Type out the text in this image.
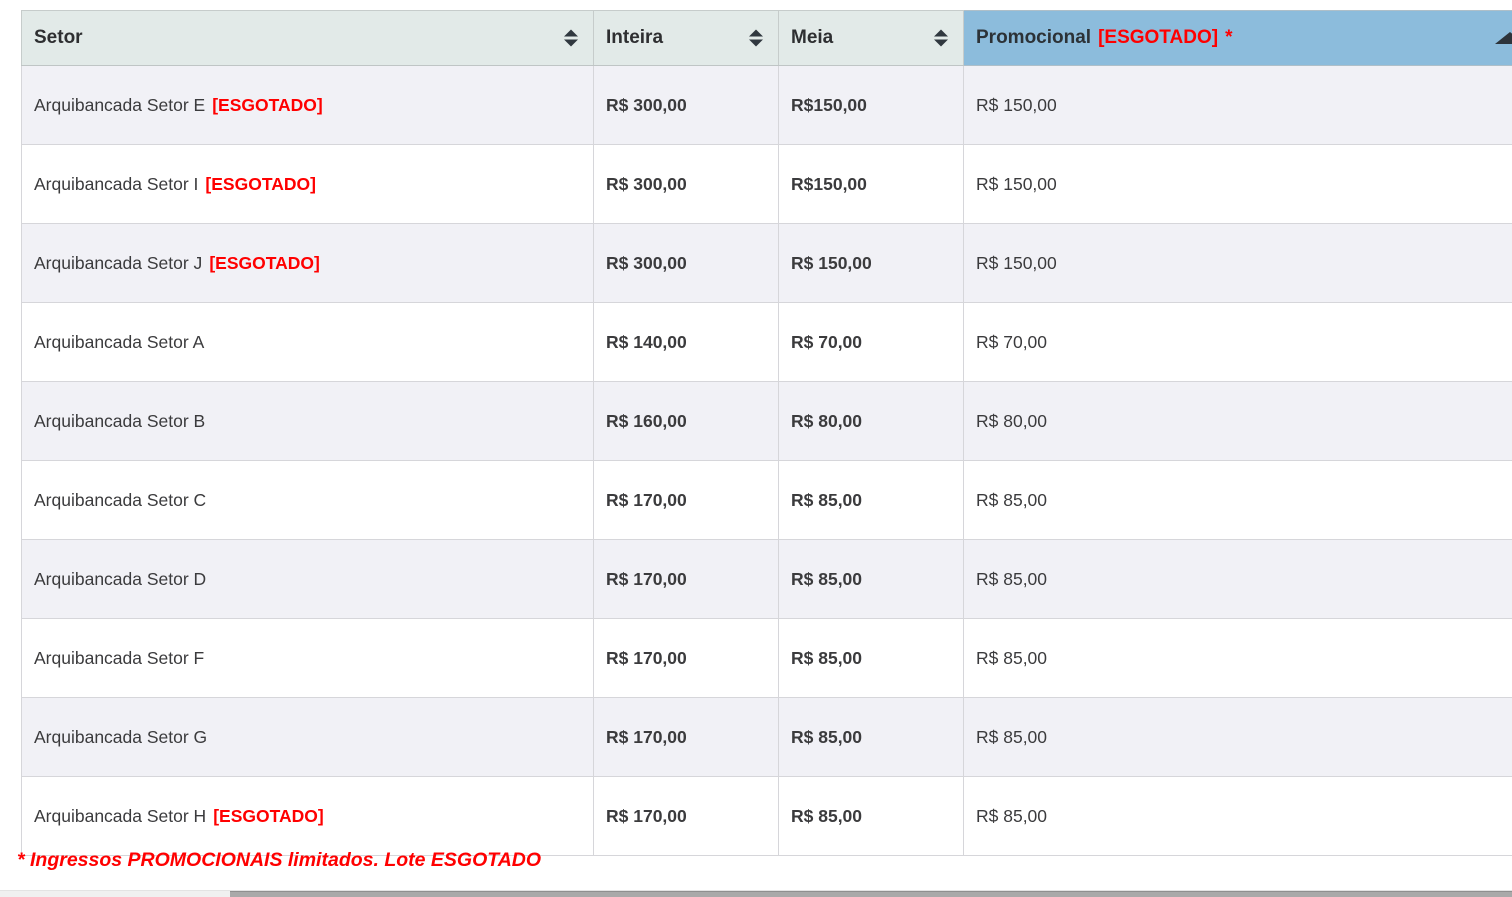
Setor	Inteira	Meia	Promocional [ESGOTADO] *

Arquibancada Setor E [ESGOTADO]	R$ 300,00	R$150,00	R$ 150,00
Arquibancada Setor I [ESGOTADO]	R$ 300,00	R$150,00	R$ 150,00
Arquibancada Setor J [ESGOTADO]	R$ 300,00	R$ 150,00	R$ 150,00
Arquibancada Setor A	R$ 140,00	R$ 70,00	R$ 70,00
Arquibancada Setor B	R$ 160,00	R$ 80,00	R$ 80,00
Arquibancada Setor C	R$ 170,00	R$ 85,00	R$ 85,00
Arquibancada Setor D	R$ 170,00	R$ 85,00	R$ 85,00
Arquibancada Setor F	R$ 170,00	R$ 85,00	R$ 85,00
Arquibancada Setor G	R$ 170,00	R$ 85,00	R$ 85,00
Arquibancada Setor H [ESGOTADO]	R$ 170,00	R$ 85,00	R$ 85,00
* Ingressos PROMOCIONAIS limitados. Lote ESGOTADO
